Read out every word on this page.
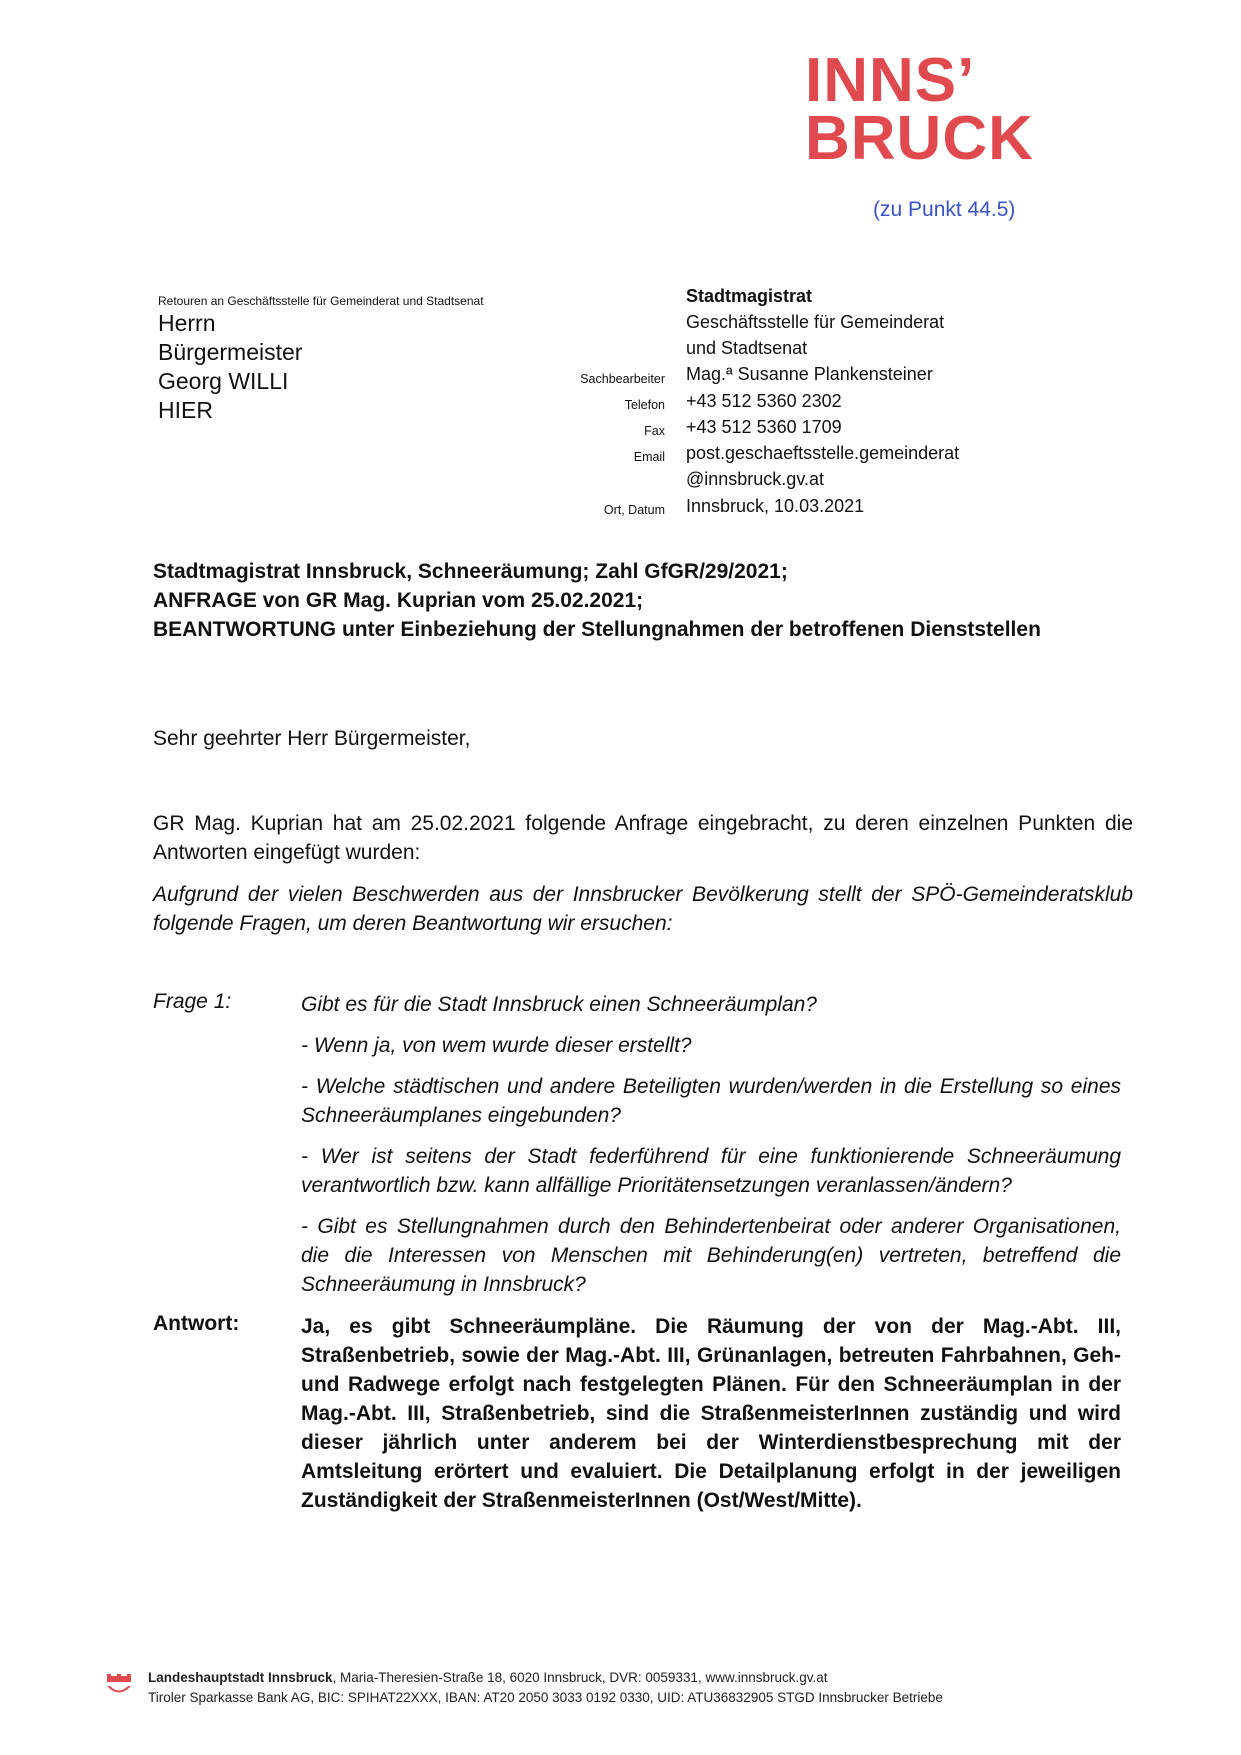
INNS’
BRUCK
(zu Punkt 44.5)
Retouren an Geschäftsstelle für Gemeinderat und Stadtsenat
Herrn
Bürgermeister
Georg WILLI
HIER
Stadtmagistrat
Geschäftsstelle für Gemeinderat
und Stadtsenat
Sachbearbeiter Mag.ª Susanne Plankensteiner
Telefon +43 512 5360 2302
Fax +43 512 5360 1709
Email post.geschaeftsstelle.gemeinderat
@innsbruck.gv.at
Ort, Datum Innsbruck, 10.03.2021
Stadtmagistrat Innsbruck, Schneeräumung; Zahl GfGR/29/2021;
ANFRAGE von GR Mag. Kuprian vom 25.02.2021;
BEANTWORTUNG unter Einbeziehung der Stellungnahmen der betroffenen Dienststellen
Sehr geehrter Herr Bürgermeister,
GR Mag. Kuprian hat am 25.02.2021 folgende Anfrage eingebracht, zu deren einzelnen Punkten die Antworten eingefügt wurden:
Aufgrund der vielen Beschwerden aus der Innsbrucker Bevölkerung stellt der SPÖ-Gemeinderatsklub folgende Fragen, um deren Beantwortung wir ersuchen:
Frage 1:	Gibt es für die Stadt Innsbruck einen Schneeräumplan?

- Wenn ja, von wem wurde dieser erstellt?

- Welche städtischen und andere Beteiligten wurden/werden in die Erstellung so eines Schneeräumplanes eingebunden?

- Wer ist seitens der Stadt federführend für eine funktionierende Schneeräumung verantwortlich bzw. kann allfällige Prioritätensetzungen veranlassen/ändern?

- Gibt es Stellungnahmen durch den Behindertenbeirat oder anderer Organisationen, die die Interessen von Menschen mit Behinderung(en) vertreten, betreffend die Schneeräumung in Innsbruck?

Antwort:	Ja, es gibt Schneeräumpläne. Die Räumung der von der Mag.-Abt. III, Straßenbetrieb, sowie der Mag.-Abt. III, Grünanlagen, betreuten Fahrbahnen, Geh- und Radwege erfolgt nach festgelegten Plänen. Für den Schneeräumplan in der Mag.-Abt. III, Straßenbetrieb, sind die StraßenmeisterInnen zuständig und wird dieser jährlich unter anderem bei der Winterdienstbesprechung mit der Amtsleitung erörtert und evaluiert. Die Detailplanung erfolgt in der jeweiligen Zuständigkeit der StraßenmeisterInnen (Ost/West/Mitte).
Landeshauptstadt Innsbruck, Maria-Theresien-Straße 18, 6020 Innsbruck, DVR: 0059331, www.innsbruck.gv.at
Tiroler Sparkasse Bank AG, BIC: SPIHAT22XXX, IBAN: AT20 2050 3033 0192 0330, UID: ATU36832905 STGD Innsbrucker Betriebe
